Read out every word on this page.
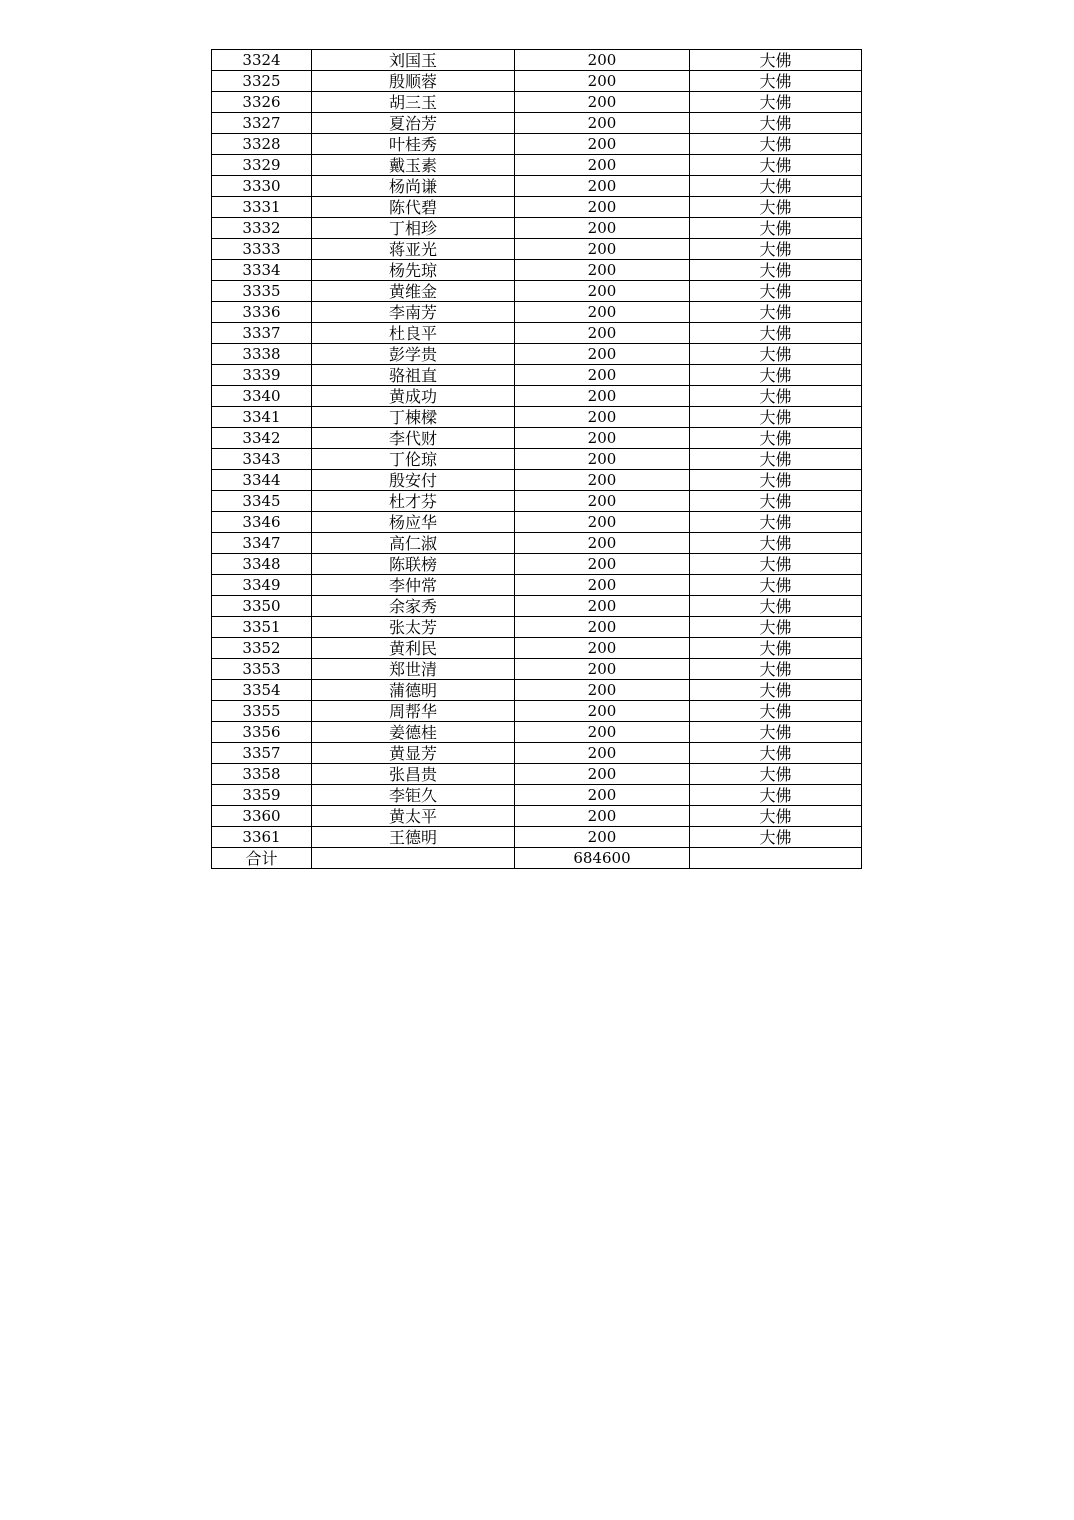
3324	刘国玉	200	大佛
3325	殷顺蓉	200	大佛
3326	胡三玉	200	大佛
3327	夏治芳	200	大佛
3328	叶桂秀	200	大佛
3329	戴玉素	200	大佛
3330	杨尚谦	200	大佛
3331	陈代碧	200	大佛
3332	丁相珍	200	大佛
3333	蒋亚光	200	大佛
3334	杨先琼	200	大佛
3335	黄维金	200	大佛
3336	李南芳	200	大佛
3337	杜良平	200	大佛
3338	彭学贵	200	大佛
3339	骆祖直	200	大佛
3340	黄成功	200	大佛
3341	丁棟樑	200	大佛
3342	李代财	200	大佛
3343	丁伦琼	200	大佛
3344	殷安付	200	大佛
3345	杜才芬	200	大佛
3346	杨应华	200	大佛
3347	高仁淑	200	大佛
3348	陈联榜	200	大佛
3349	李仲常	200	大佛
3350	余家秀	200	大佛
3351	张太芳	200	大佛
3352	黄利民	200	大佛
3353	郑世清	200	大佛
3354	蒲德明	200	大佛
3355	周帮华	200	大佛
3356	姜德桂	200	大佛
3357	黄显芳	200	大佛
3358	张昌贵	200	大佛
3359	李钜久	200	大佛
3360	黄太平	200	大佛
3361	王德明	200	大佛
合计		684600	
